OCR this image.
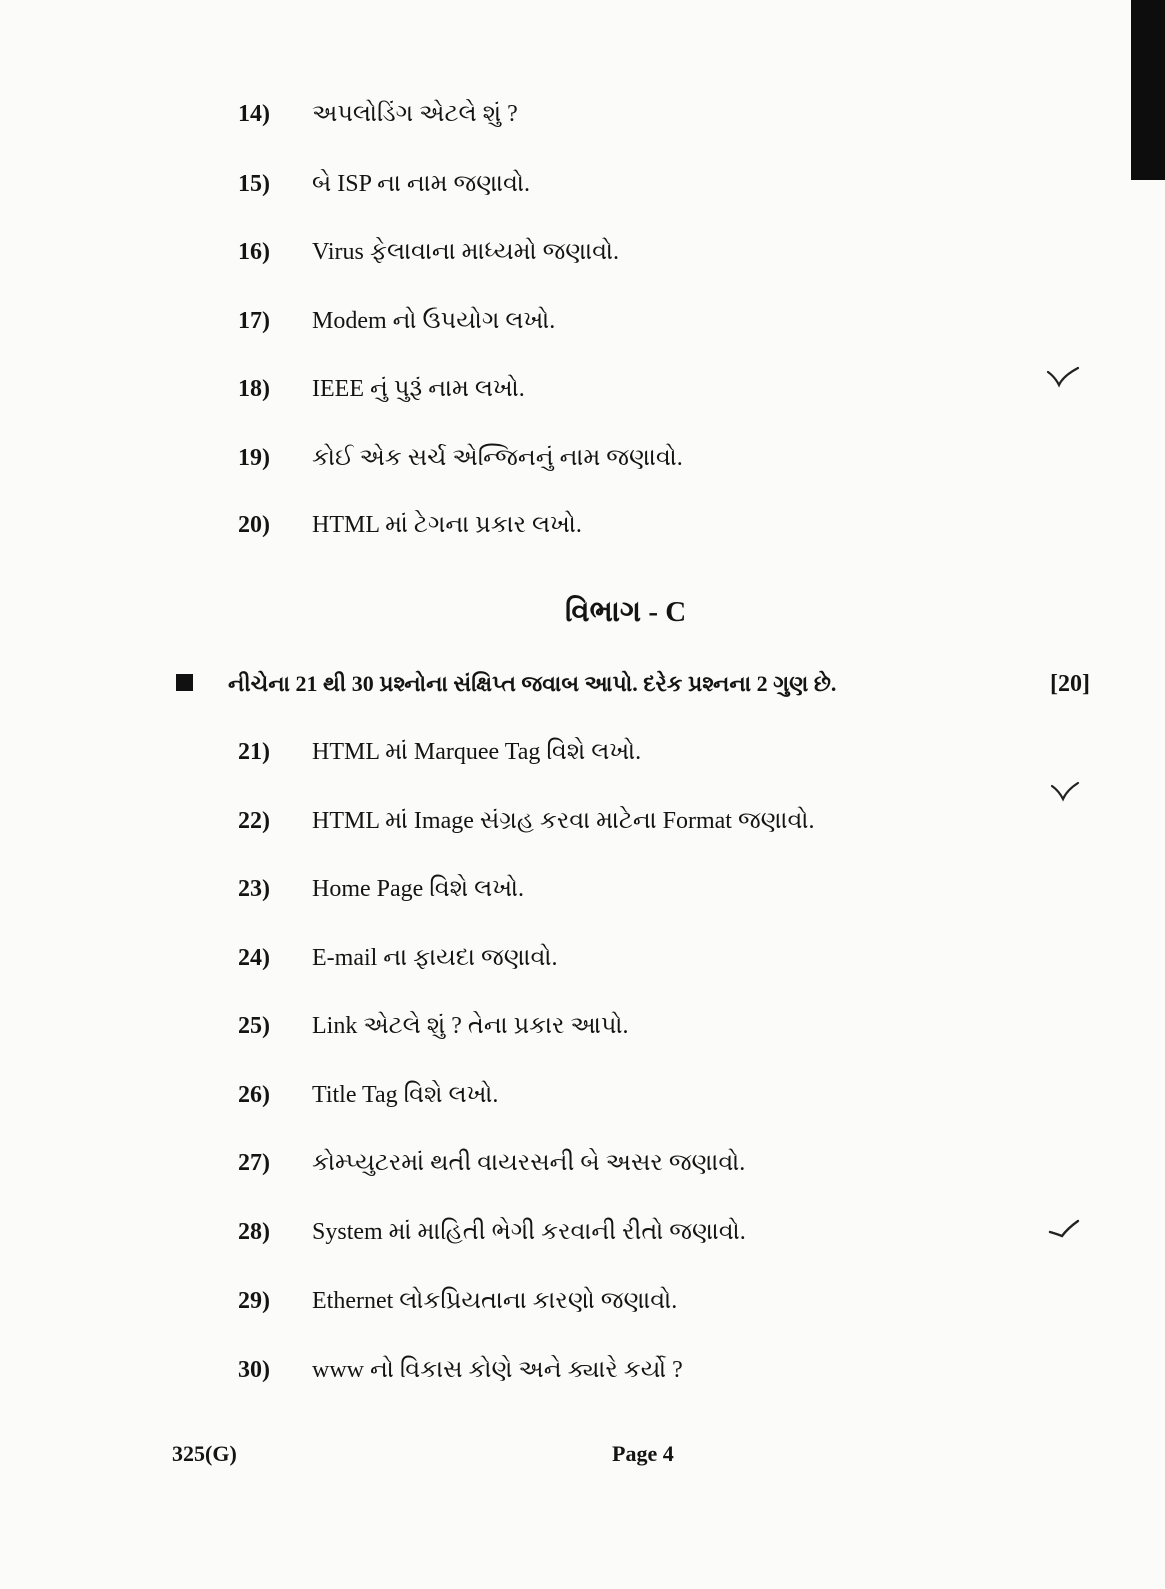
14) અપલોડિંગ એટલે શું ?
15) બે ISP ના નામ જણાવો.
16) Virus ફેલાવાના માધ્યમો જણાવો.
17) Modem નો ઉપયોગ લખો.
18) IEEE નું પુરૂં નામ લખો.
19) કોઈ એક સર્ચ એન્જિનનું નામ જણાવો.
20) HTML માં ટેગના પ્રકાર લખો.
વિભાગ - C
નીચેના 21 થી 30 પ્રશ્નોના સંક્ષિપ્ત જવાબ આપો. દરેક પ્રશ્નના 2 ગુણ છે.	[20]
21) HTML માં Marquee Tag વિશે લખો.
22) HTML માં Image સંગ્રહ કરવા માટેના Format જણાવો.
23) Home Page વિશે લખો.
24) E-mail ના ફાયદા જણાવો.
25) Link એટલે શું ? તેના પ્રકાર આપો.
26) Title Tag વિશે લખો.
27) કોમ્પ્યુટરમાં થતી વાયરસની બે અસર જણાવો.
28) System માં માહિતી ભેગી કરવાની રીતો જણાવો.
29) Ethernet લોકપ્રિયતાના કારણો જણાવો.
30) www નો વિકાસ કોણે અને ક્યારે કર્યો ?
325(G)	Page 4
